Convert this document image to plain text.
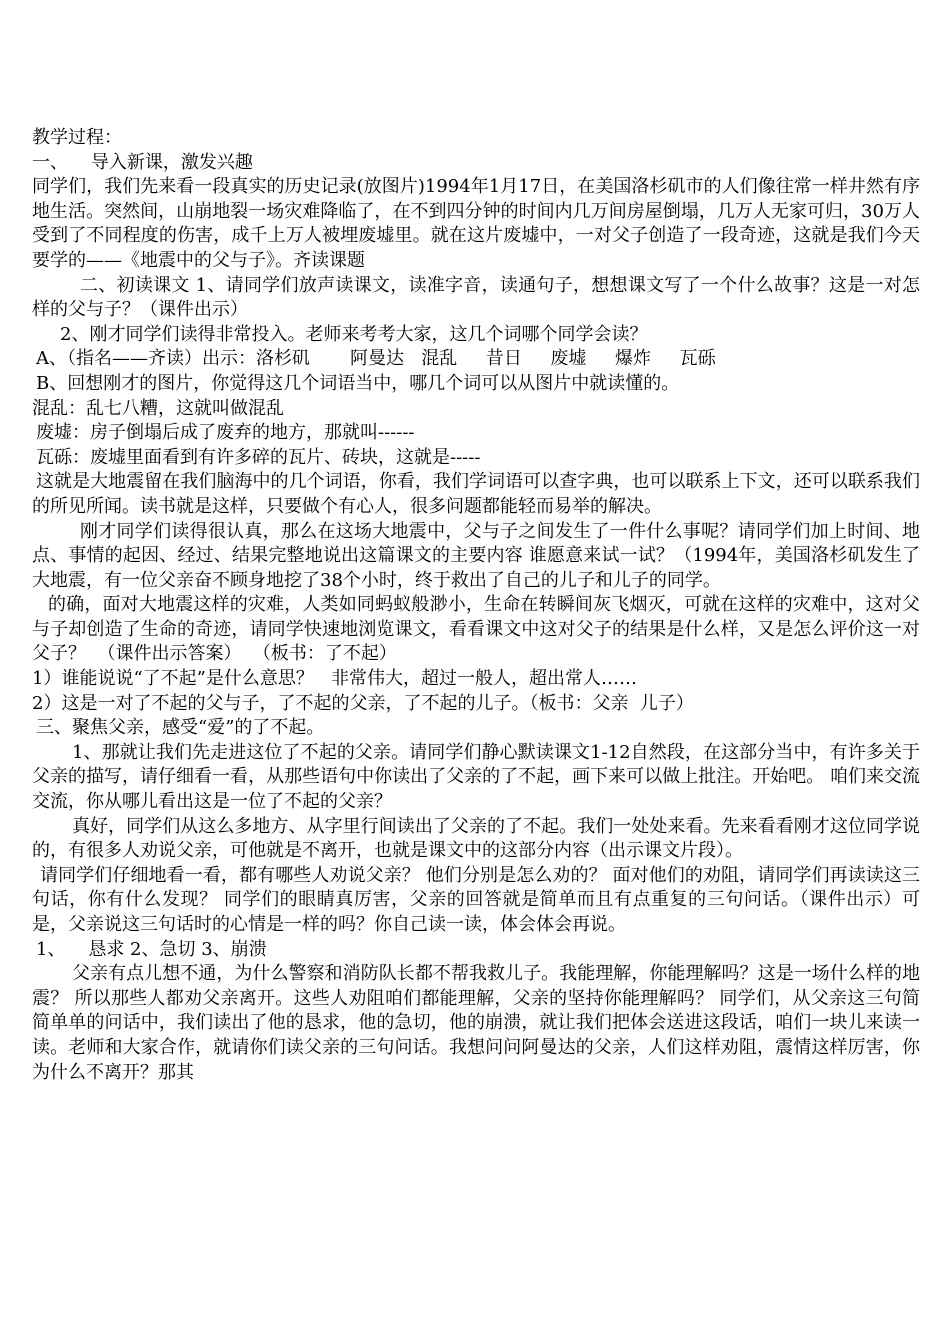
教学过程：

一、    导入新课，激发兴趣

同学们，我们先来看一段真实的历史记录(放图片)1994年1月17日，在美国洛杉矶市的人们像往常一样井然有序地生活。突然间，山崩地裂一场灾难降临了，在不到四分钟的时间内几万间房屋倒塌，几万人无家可归，30万人受到了不同程度的伤害，成千上万人被埋废墟里。就在这片废墟中，一对父子创造了一段奇迹，这就是我们今天要学的——《地震中的父与子》。齐读课题

二、初读课文 1、请同学们放声读课文，读准字音，读通句子，想想课文写了一个什么故事？这是一对怎样的父与子？（课件出示）

2、刚才同学们读得非常投入。老师来考考大家，这几个词哪个同学会读？

A、（指名——齐读）出示：洛杉矶       阿曼达   混乱     昔日     废墟     爆炸     瓦砾

B、回想刚才的图片，你觉得这几个词语当中，哪几个词可以从图片中就读懂的。

混乱：乱七八糟，这就叫做混乱

废墟：房子倒塌后成了废弃的地方，那就叫------

瓦砾：废墟里面看到有许多碎的瓦片、砖块，这就是-----

这就是大地震留在我们脑海中的几个词语，你看，我们学词语可以查字典，也可以联系上下文，还可以联系我们的所见所闻。读书就是这样，只要做个有心人，很多问题都能轻而易举的解决。

刚才同学们读得很认真，那么在这场大地震中，父与子之间发生了一件什么事呢？请同学们加上时间、地点、事情的起因、经过、结果完整地说出这篇课文的主要内容 谁愿意来试一试？（1994年，美国洛杉矶发生了大地震，有一位父亲奋不顾身地挖了38个小时，终于救出了自己的儿子和儿子的同学。

的确，面对大地震这样的灾难，人类如同蚂蚁般渺小，生命在转瞬间灰飞烟灭，可就在这样的灾难中，这对父与子却创造了生命的奇迹，请同学快速地浏览课文，看看课文中这对父子的结果是什么样，又是怎么评价这一对父子？  （课件出示答案）  （板书：了不起）

1）谁能说说“了不起”是什么意思？   非常伟大，超过一般人，超出常人……

2）这是一对了不起的父与子，了不起的父亲，了不起的儿子。（板书：父亲  儿子）

三、聚焦父亲，感受“爱”的了不起。

1、那就让我们先走进这位了不起的父亲。请同学们静心默读课文1-12自然段，在这部分当中，有许多关于父亲的描写，请仔细看一看，从那些语句中你读出了父亲的了不起，画下来可以做上批注。开始吧。 咱们来交流交流，你从哪儿看出这是一位了不起的父亲？

真好，同学们从这么多地方、从字里行间读出了父亲的了不起。我们一处处来看。先来看看刚才这位同学说的，有很多人劝说父亲，可他就是不离开，也就是课文中的这部分内容（出示课文片段）。

请同学们仔细地看一看，都有哪些人劝说父亲？ 他们分别是怎么劝的？ 面对他们的劝阻，请同学们再读读这三句话，你有什么发现？ 同学们的眼睛真厉害，父亲的回答就是简单而且有点重复的三句问话。（课件出示）可是，父亲说这三句话时的心情是一样的吗？你自己读一读，体会体会再说。

1、    恳求 2、急切 3、崩溃

父亲有点儿想不通，为什么警察和消防队长都不帮我救儿子。我能理解，你能理解吗？这是一场什么样的地震？ 所以那些人都劝父亲离开。这些人劝阻咱们都能理解，父亲的坚持你能理解吗？ 同学们，从父亲这三句简简单单的问话中，我们读出了他的恳求，他的急切，他的崩溃，就让我们把体会送进这段话，咱们一块儿来读一读。老师和大家合作，就请你们读父亲的三句问话。我想问问阿曼达的父亲，人们这样劝阻，震情这样厉害，你为什么不离开？那其
